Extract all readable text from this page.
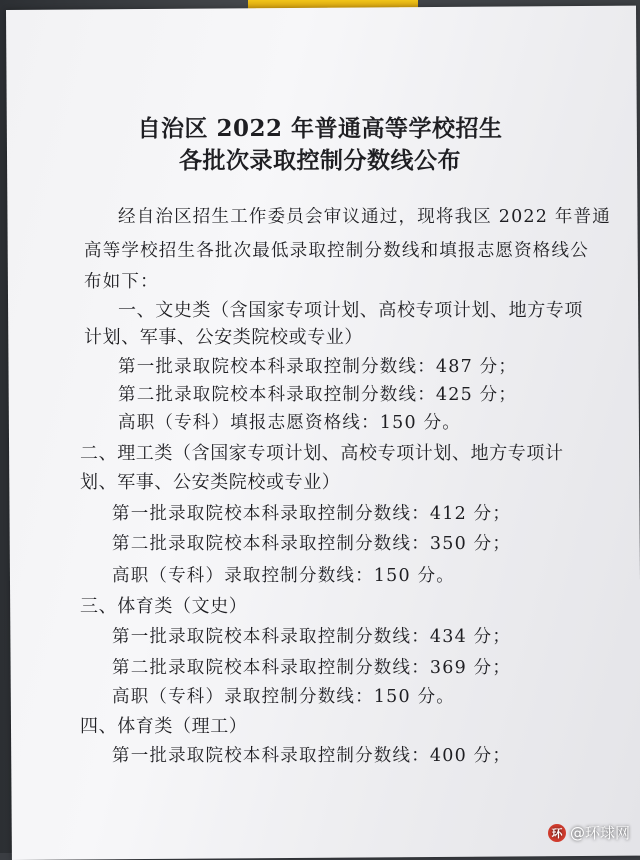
自治区 2022 年普通高等学校招生
各批次录取控制分数线公布
经自治区招生工作委员会审议通过，现将我区 2022 年普通
高等学校招生各批次最低录取控制分数线和填报志愿资格线公
布如下：
一、文史类（含国家专项计划、高校专项计划、地方专项
计划、军事、公安类院校或专业）
第一批录取院校本科录取控制分数线：487 分；
第二批录取院校本科录取控制分数线：425 分；
高职（专科）填报志愿资格线：150 分。
二、理工类（含国家专项计划、高校专项计划、地方专项计
划、军事、公安类院校或专业）
第一批录取院校本科录取控制分数线：412 分；
第二批录取院校本科录取控制分数线：350 分；
高职（专科）录取控制分数线：150 分。
三、体育类（文史）
第一批录取院校本科录取控制分数线：434 分；
第二批录取院校本科录取控制分数线：369 分；
高职（专科）录取控制分数线：150 分。
四、体育类（理工）
第一批录取院校本科录取控制分数线：400 分；
环 @环球网
